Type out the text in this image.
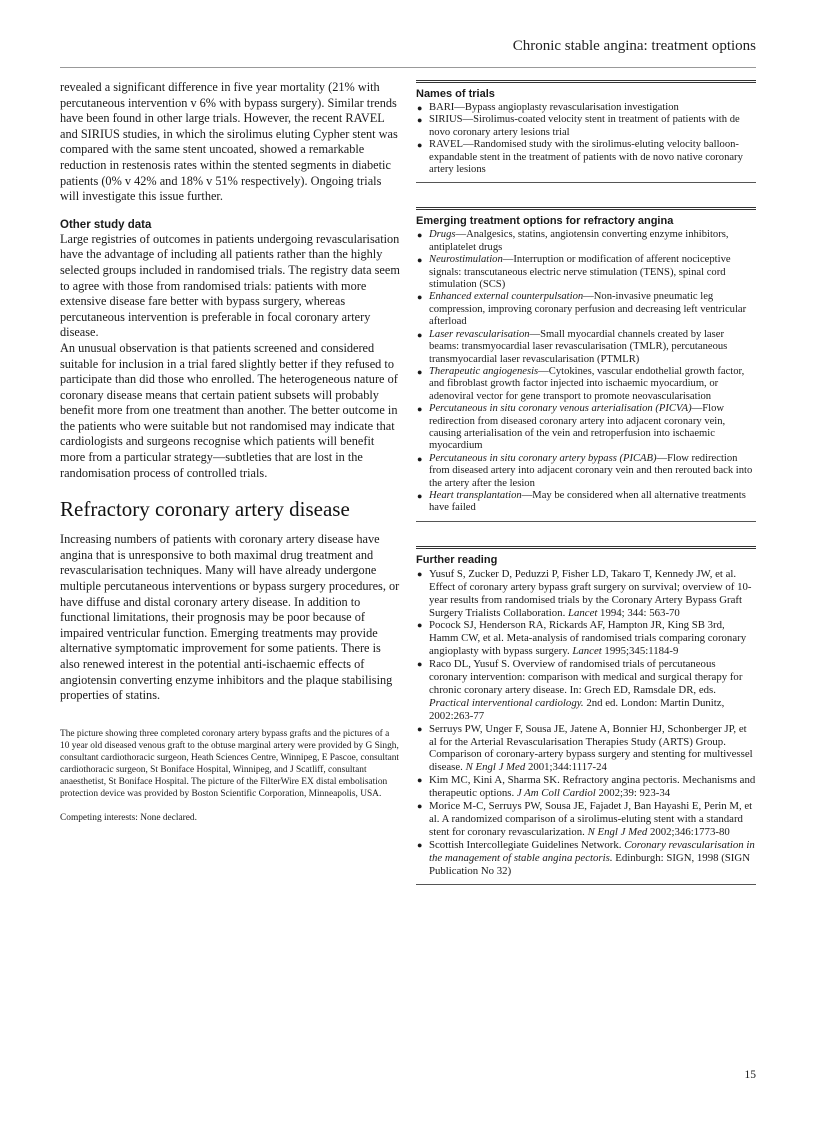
Chronic stable angina: treatment options

revealed a significant difference in five year mortality (21% with percutaneous intervention v 6% with bypass surgery). Similar trends have been found in other large trials. However, the recent RAVEL and SIRIUS studies, in which the sirolimus eluting Cypher stent was compared with the same stent uncoated, showed a remarkable reduction in restenosis rates within the stented segments in diabetic patients (0% v 42% and 18% v 51% respectively). Ongoing trials will investigate this issue further.

Other study data

Large registries of outcomes in patients undergoing revascularisation have the advantage of including all patients rather than the highly selected groups included in randomised trials. The registry data seem to agree with those from randomised trials: patients with more extensive disease fare better with bypass surgery, whereas percutaneous intervention is preferable in focal coronary artery disease.

An unusual observation is that patients screened and considered suitable for inclusion in a trial fared slightly better if they refused to participate than did those who enrolled. The heterogeneous nature of coronary disease means that certain patient subsets will probably benefit more from one treatment than another. The better outcome in the patients who were suitable but not randomised may indicate that cardiologists and surgeons recognise which patients will benefit more from a particular strategy—subtleties that are lost in the randomisation process of controlled trials.

Refractory coronary artery disease

Increasing numbers of patients with coronary artery disease have angina that is unresponsive to both maximal drug treatment and revascularisation techniques. Many will have already undergone multiple percutaneous interventions or bypass surgery procedures, or have diffuse and distal coronary artery disease. In addition to functional limitations, their prognosis may be poor because of impaired ventricular function. Emerging treatments may provide alternative symptomatic improvement for some patients. There is also renewed interest in the potential anti-ischaemic effects of angiotensin converting enzyme inhibitors and the plaque stabilising properties of statins.

The picture showing three completed coronary artery bypass grafts and the pictures of a 10 year old diseased venous graft to the obtuse marginal artery were provided by G Singh, consultant cardiothoracic surgeon, Heath Sciences Centre, Winnipeg, E Pascoe, consultant cardiothoracic surgeon, St Boniface Hospital, Winnipeg, and J Scatliff, consultant anaesthetist, St Boniface Hospital. The picture of the FilterWire EX distal embolisation protection device was provided by Boston Scientific Corporation, Minneapolis, USA.

Competing interests: None declared.

Names of trials
● BARI—Bypass angioplasty revascularisation investigation
● SIRIUS—Sirolimus-coated velocity stent in treatment of patients with de novo coronary artery lesions trial
● RAVEL—Randomised study with the sirolimus-eluting velocity balloon-expandable stent in the treatment of patients with de novo native coronary artery lesions
Emerging treatment options for refractory angina
● Drugs—Analgesics, statins, angiotensin converting enzyme inhibitors, antiplatelet drugs
● Neurostimulation—Interruption or modification of afferent nociceptive signals: transcutaneous electric nerve stimulation (TENS), spinal cord stimulation (SCS)
● Enhanced external counterpulsation—Non-invasive pneumatic leg compression, improving coronary perfusion and decreasing left ventricular afterload
● Laser revascularisation—Small myocardial channels created by laser beams: transmyocardial laser revascularisation (TMLR), percutaneous transmyocardial laser revascularisation (PTMLR)
● Therapeutic angiogenesis—Cytokines, vascular endothelial growth factor, and fibroblast growth factor injected into ischaemic myocardium, or adenoviral vector for gene transport to promote neovascularisation
● Percutaneous in situ coronary venous arterialisation (PICVA)—Flow redirection from diseased coronary artery into adjacent coronary vein, causing arterialisation of the vein and retroperfusion into ischaemic myocardium
● Percutaneous in situ coronary artery bypass (PICAB)—Flow redirection from diseased artery into adjacent coronary vein and then rerouted back into the artery after the lesion
● Heart transplantation—May be considered when all alternative treatments have failed
Further reading
● Yusuf S, Zucker D, Peduzzi P, Fisher LD, Takaro T, Kennedy JW, et al. Effect of coronary artery bypass graft surgery on survival; overview of 10-year results from randomised trials by the Coronary Artery Bypass Graft Surgery Trialists Collaboration. Lancet 1994; 344: 563-70
● Pocock SJ, Henderson RA, Rickards AF, Hampton JR, King SB 3rd, Hamm CW, et al. Meta-analysis of randomised trials comparing coronary angioplasty with bypass surgery. Lancet 1995;345:1184-9
● Raco DL, Yusuf S. Overview of randomised trials of percutaneous coronary intervention: comparison with medical and surgical therapy for chronic coronary artery disease. In: Grech ED, Ramsdale DR, eds. Practical interventional cardiology. 2nd ed. London: Martin Dunitz, 2002:263-77
● Serruys PW, Unger F, Sousa JE, Jatene A, Bonnier HJ, Schonberger JP, et al for the Arterial Revascularisation Therapies Study (ARTS) Group. Comparison of coronary-artery bypass surgery and stenting for multivessel disease. N Engl J Med 2001;344:1117-24
● Kim MC, Kini A, Sharma SK. Refractory angina pectoris. Mechanisms and therapeutic options. J Am Coll Cardiol 2002;39: 923-34
● Morice M-C, Serruys PW, Sousa JE, Fajadet J, Ban Hayashi E, Perin M, et al. A randomized comparison of a sirolimus-eluting stent with a standard stent for coronary revascularization. N Engl J Med 2002;346:1773-80
● Scottish Intercollegiate Guidelines Network. Coronary revascularisation in the management of stable angina pectoris. Edinburgh: SIGN, 1998 (SIGN Publication No 32)
15
